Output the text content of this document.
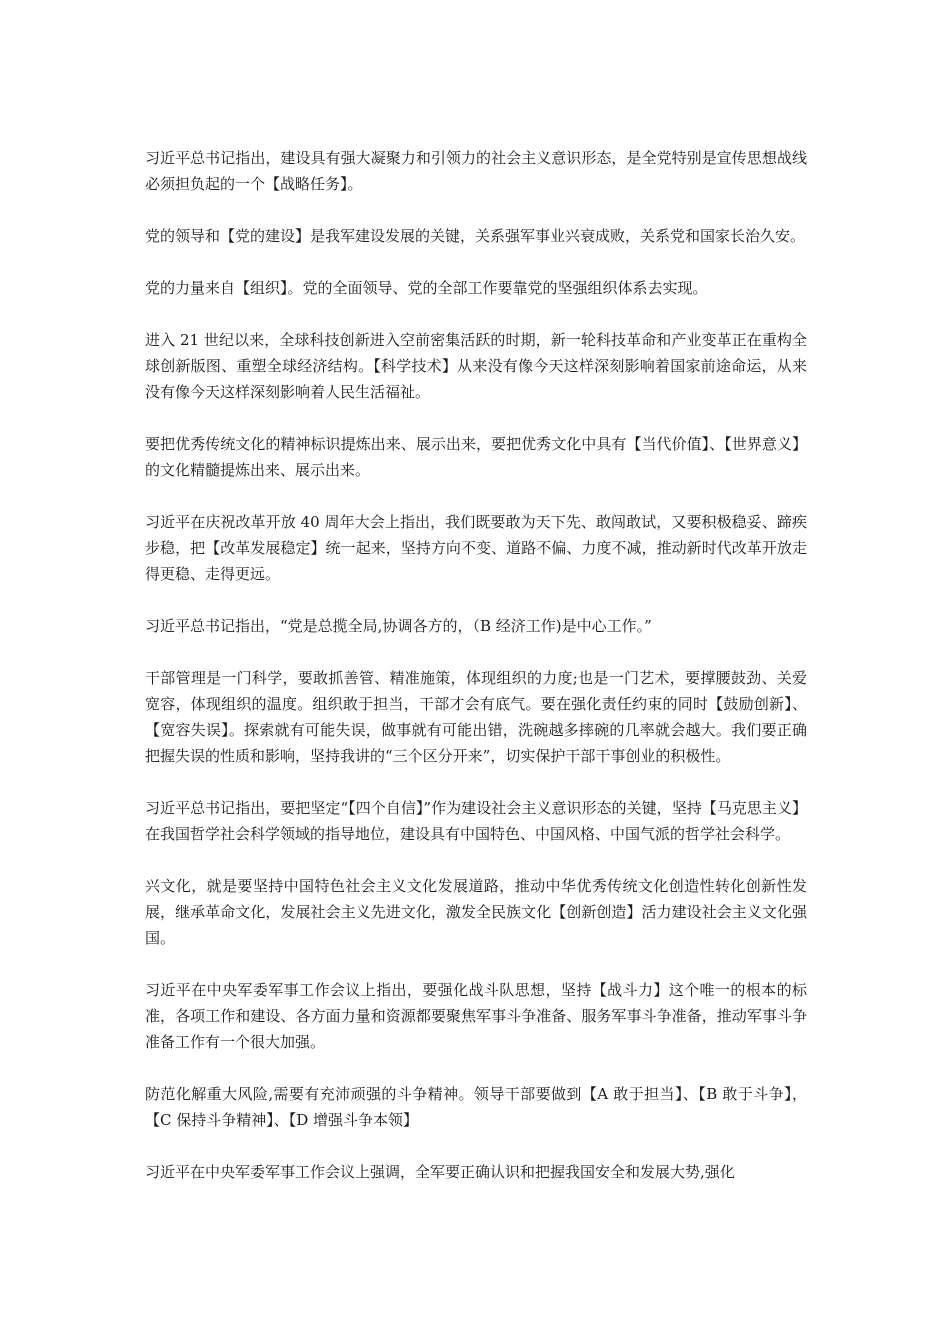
习近平总书记指出，建设具有强大凝聚力和引领力的社会主义意识形态，是全党特别是宣传思想战线必须担负起的一个【战略任务】。

党的领导和【党的建设】是我军建设发展的关键，关系强军事业兴衰成败，关系党和国家长治久安。

党的力量来自【组织】。党的全面领导、党的全部工作要靠党的坚强组织体系去实现。

进入 21 世纪以来，全球科技创新进入空前密集活跃的时期，新一轮科技革命和产业变革正在重构全球创新版图、重塑全球经济结构。【科学技术】从来没有像今天这样深刻影响着国家前途命运，从来没有像今天这样深刻影响着人民生活福祉。

要把优秀传统文化的精神标识提炼出来、展示出来，要把优秀文化中具有【当代价值】、【世界意义】的文化精髓提炼出来、展示出来。

习近平在庆祝改革开放 40 周年大会上指出，我们既要敢为天下先、敢闯敢试，又要积极稳妥、蹄疾步稳，把【改革发展稳定】统一起来，坚持方向不变、道路不偏、力度不减，推动新时代改革开放走得更稳、走得更远。

习近平总书记指出，“党是总揽全局,协调各方的，（B 经济工作)是中心工作。”

干部管理是一门科学，要敢抓善管、精准施策，体现组织的力度;也是一门艺术，要撑腰鼓劲、关爱宽容，体现组织的温度。组织敢于担当，干部才会有底气。要在强化责任约束的同时【鼓励创新】、【宽容失误】。探索就有可能失误，做事就有可能出错，洗碗越多摔碗的几率就会越大。我们要正确把握失误的性质和影响，坚持我讲的“三个区分开来”，切实保护干部干事创业的积极性。

习近平总书记指出，要把坚定“【四个自信】”作为建设社会主义意识形态的关键，坚持【马克思主义】在我国哲学社会科学领域的指导地位，建设具有中国特色、中国风格、中国气派的哲学社会科学。

兴文化，就是要坚持中国特色社会主义文化发展道路，推动中华优秀传统文化创造性转化创新性发展，继承革命文化，发展社会主义先进文化，激发全民族文化【创新创造】活力建设社会主义文化强国。

习近平在中央军委军事工作会议上指出，要强化战斗队思想，坚持【战斗力】这个唯一的根本的标准，各项工作和建设、各方面力量和资源都要聚焦军事斗争准备、服务军事斗争准备，推动军事斗争准备工作有一个很大加强。

防范化解重大风险,需要有充沛顽强的斗争精神。领导干部要做到【A 敢于担当】、【B 敢于斗争】，【C 保持斗争精神】、【D 增强斗争本领】

习近平在中央军委军事工作会议上强调，全军要正确认识和把握我国安全和发展大势,强化
